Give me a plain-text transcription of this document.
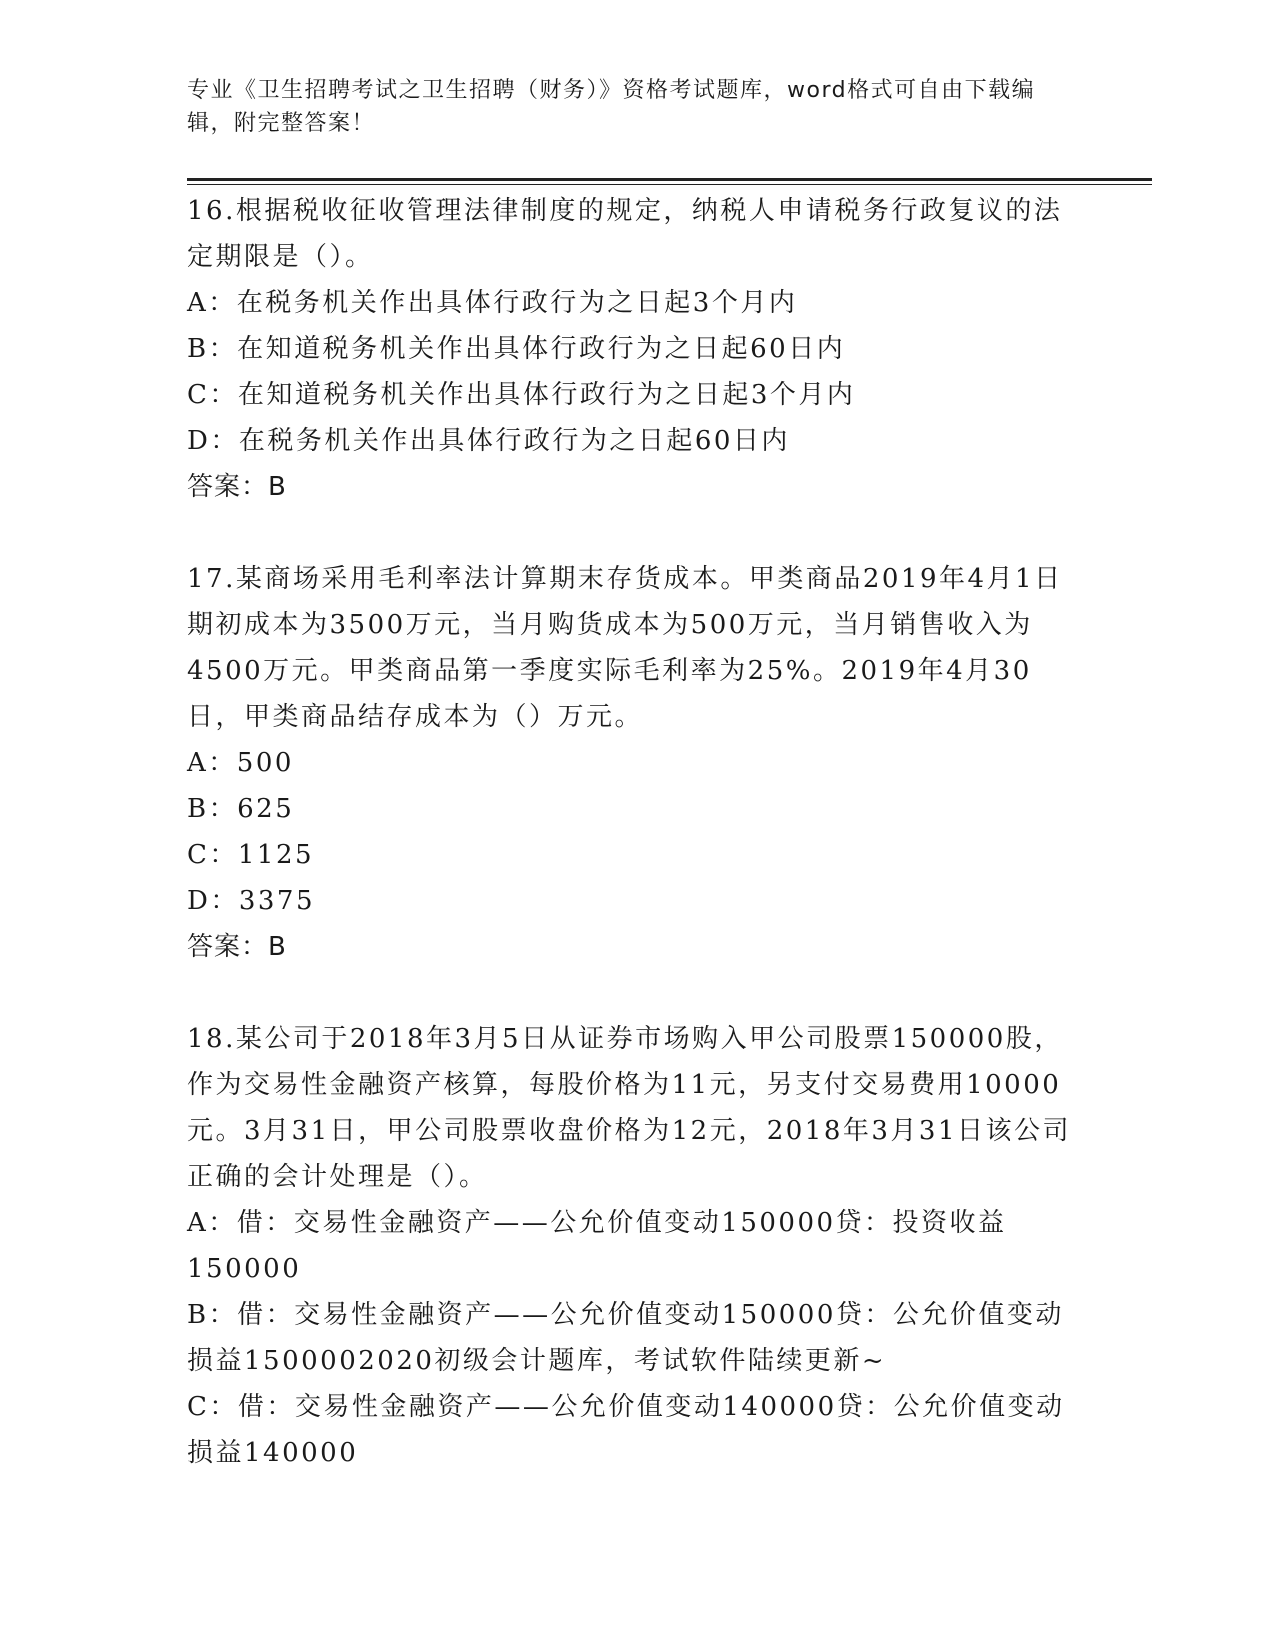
专业《卫生招聘考试之卫生招聘（财务）》资格考试题库，word格式可自由下载编辑，附完整答案！

16.根据税收征收管理法律制度的规定，纳税人申请税务行政复议的法定期限是（）。

A：在税务机关作出具体行政行为之日起3个月内

B：在知道税务机关作出具体行政行为之日起60日内

C：在知道税务机关作出具体行政行为之日起3个月内

D：在税务机关作出具体行政行为之日起60日内

答案：B

17.某商场采用毛利率法计算期末存货成本。甲类商品2019年4月1日期初成本为3500万元，当月购货成本为500万元，当月销售收入为4500万元。甲类商品第一季度实际毛利率为25%。2019年4月30日，甲类商品结存成本为（）万元。

A：500

B：625

C：1125

D：3375

答案：B

18.某公司于2018年3月5日从证券市场购入甲公司股票150000股，作为交易性金融资产核算，每股价格为11元，另支付交易费用10000元。3月31日，甲公司股票收盘价格为12元，2018年3月31日该公司正确的会计处理是（）。

A：借：交易性金融资产——公允价值变动150000贷：投资收益150000

B：借：交易性金融资产——公允价值变动150000贷：公允价值变动损益1500002020初级会计题库，考试软件陆续更新~

C：借：交易性金融资产——公允价值变动140000贷：公允价值变动损益140000
